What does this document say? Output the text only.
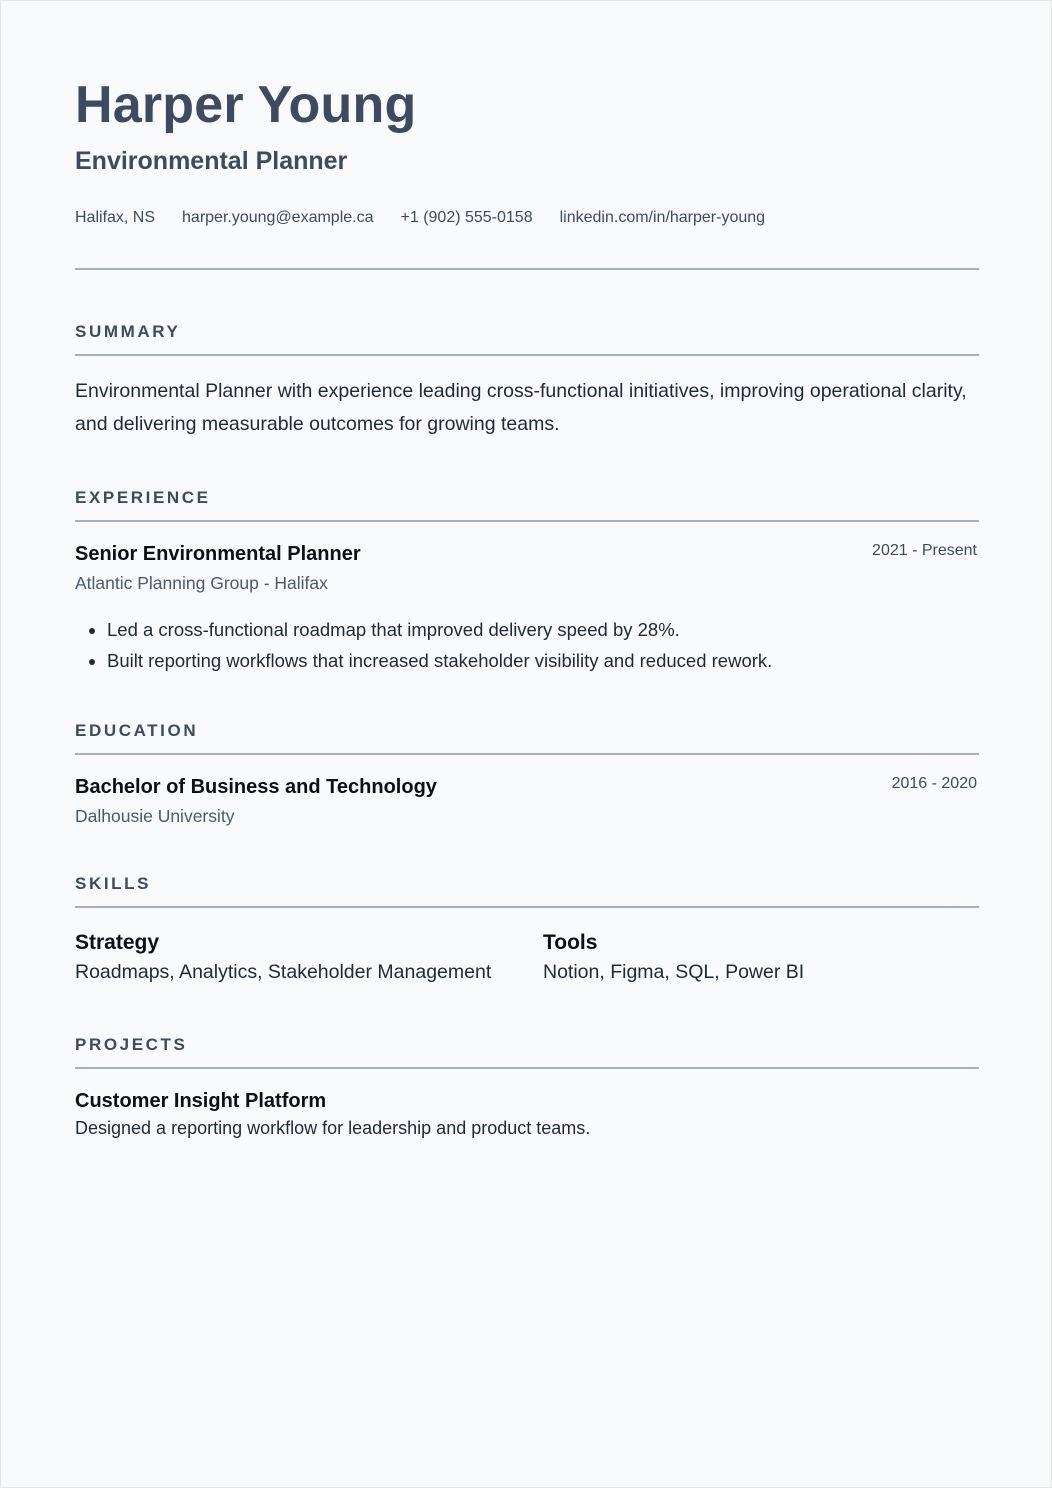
Harper Young
Environmental Planner
Halifax, NS harper.young@example.ca +1 (902) 555-0158 linkedin.com/in/harper-young
SUMMARY

Environmental Planner with experience leading cross-functional initiatives, improving operational clarity, and delivering measurable outcomes for growing teams.

EXPERIENCE
Senior Environmental Planner	2021 - Present
Atlantic Planning Group - Halifax
• Led a cross-functional roadmap that improved delivery speed by 28%.
• Built reporting workflows that increased stakeholder visibility and reduced rework.
EDUCATION
Bachelor of Business and Technology	2016 - 2020
Dalhousie University
SKILLS
Strategy
Roadmaps, Analytics, Stakeholder Management
Tools
Notion, Figma, SQL, Power BI
PROJECTS
Customer Insight Platform
Designed a reporting workflow for leadership and product teams.
